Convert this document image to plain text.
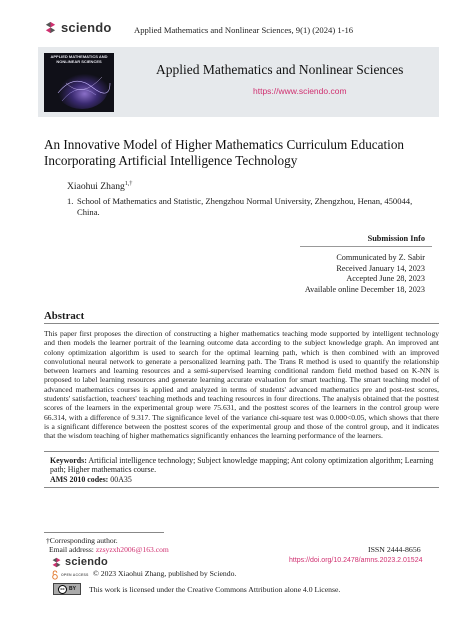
sciendo	Applied Mathematics and Nonlinear Sciences, 9(1) (2024) 1-16
APPLIED MATHEMATICS AND NONLINEAR SCIENCES
Applied Mathematics and Nonlinear Sciences
https://www.sciendo.com
An Innovative Model of Higher Mathematics Curriculum Education Incorporating Artificial Intelligence Technology
Xiaohui Zhang$^{1,\dagger}$
1. School of Mathematics and Statistic, Zhengzhou Normal University, Zhengzhou, Henan, 450044, China.
Submission Info
Communicated by Z. Sabir
Received January 14, 2023
Accepted June 28, 2023
Available online December 18, 2023
Abstract
This paper first proposes the direction of constructing a higher mathematics teaching mode supported by intelligent technology and then models the learner portrait of the learning outcome data according to the subject knowledge graph. An improved ant colony optimization algorithm is used to search for the optimal learning path, which is then combined with an improved convolutional neural network to generate a personalized learning path. The Trans R method is used to quantify the relationship between learners and learning resources and a semi-supervised learning conditional random field method based on K-NN is proposed to label learning resources and generate learning accurate evaluation for smart teaching. The smart teaching model of advanced mathematics courses is applied and analyzed in terms of students' advanced mathematics pre and post-test scores, students' satisfaction, teachers' teaching methods and teaching resources in four directions. The analysis obtained that the posttest scores of the learners in the experimental group were 75.631, and the posttest scores of the learners in the control group were 66.314, with a difference of 9.317. The significance level of the variance chi-square test was 0.000<0.05, which shows that there is a significant difference between the posttest scores of the experimental group and those of the control group, and it indicates that the wisdom teaching of higher mathematics significantly enhances the learning performance of the learners.
Keywords: Artificial intelligence technology; Subject knowledge mapping; Ant colony optimization algorithm; Learning path; Higher mathematics course.
AMS 2010 codes: 00A35
†Corresponding author.
Email address: zzsyzxh2006@163.com	ISSN 2444-8656
https://doi.org/10.2478/amns.2023.2.01524
sciendo
OPEN ACCESS © 2023 Xiaohui Zhang, published by Sciendo.
cc BY This work is licensed under the Creative Commons Attribution alone 4.0 License.
